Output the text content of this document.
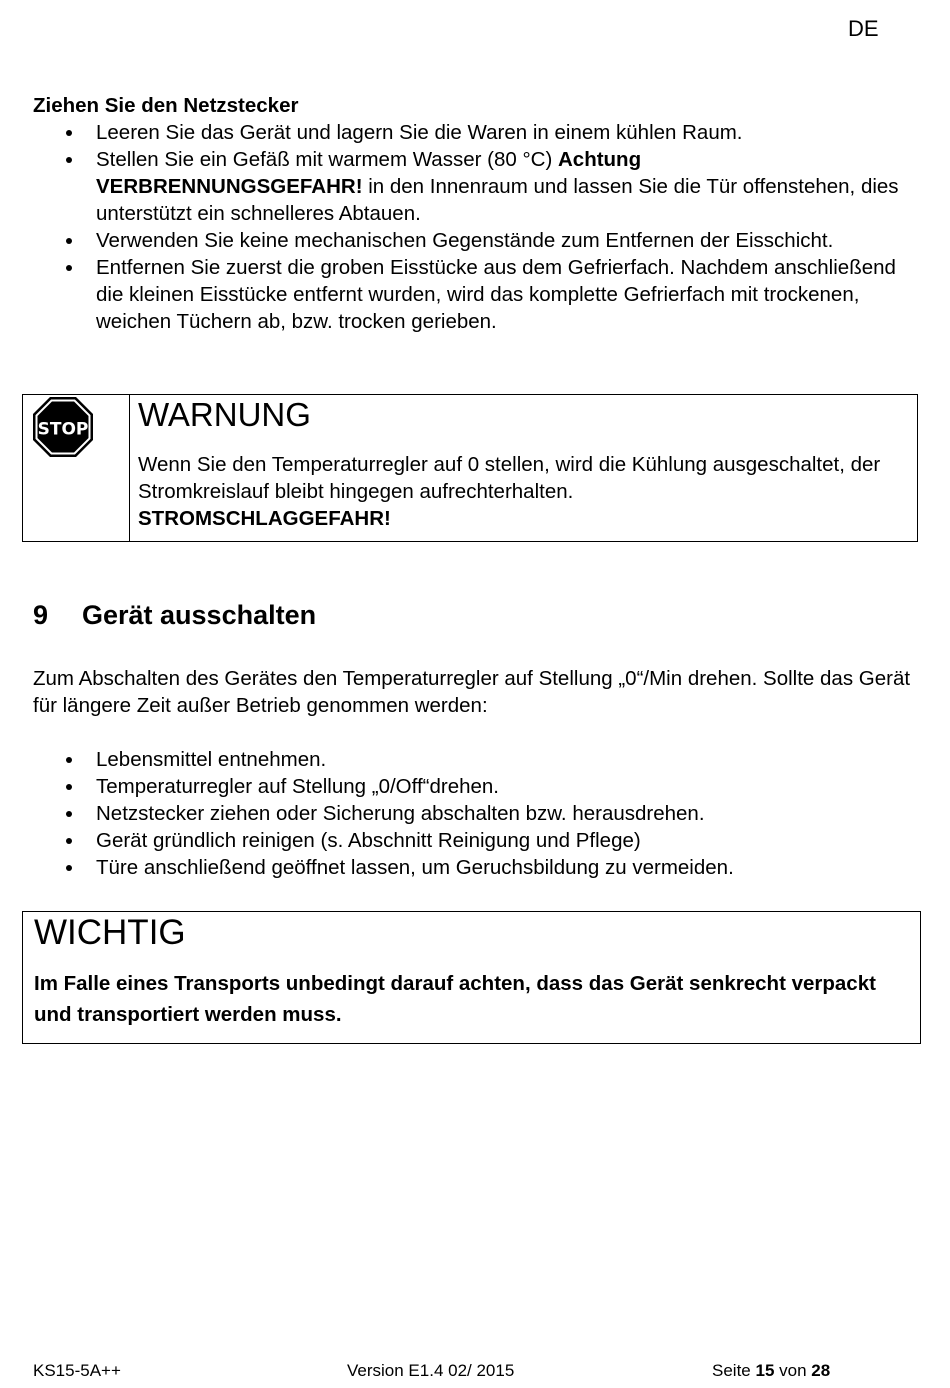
DE
Ziehen Sie den Netzstecker
Leeren Sie das Gerät und lagern Sie die Waren in einem kühlen Raum.
Stellen Sie ein Gefäß mit warmem Wasser (80 °C) Achtung VERBRENNUNGSGEFAHR! in den Innenraum und lassen Sie die Tür offenstehen, dies unterstützt ein schnelleres Abtauen.
Verwenden Sie keine mechanischen Gegenstände zum Entfernen der Eisschicht.
Entfernen Sie zuerst die groben Eisstücke aus dem Gefrierfach. Nachdem anschließend die kleinen Eisstücke entfernt wurden, wird das komplette Gefrierfach mit trockenen, weichen Tüchern ab, bzw. trocken gerieben.
STOP WARNUNG
Wenn Sie den Temperaturregler auf 0 stellen, wird die Kühlung ausgeschaltet, der Stromkreislauf bleibt hingegen aufrechterhalten.
STROMSCHLAGGEFAHR!
9 Gerät ausschalten
Zum Abschalten des Gerätes den Temperaturregler auf Stellung „0“/Min drehen. Sollte das Gerät für längere Zeit außer Betrieb genommen werden:
Lebensmittel entnehmen.
Temperaturregler auf Stellung „0/Off“drehen.
Netzstecker ziehen oder Sicherung abschalten bzw. herausdrehen.
Gerät gründlich reinigen (s. Abschnitt Reinigung und Pflege)
Türe anschließend geöffnet lassen, um Geruchsbildung zu vermeiden.
WICHTIG
Im Falle eines Transports unbedingt darauf achten, dass das Gerät senkrecht verpackt und transportiert werden muss.
KS15-5A++	Version E1.4 02/ 2015	Seite 15 von 28
